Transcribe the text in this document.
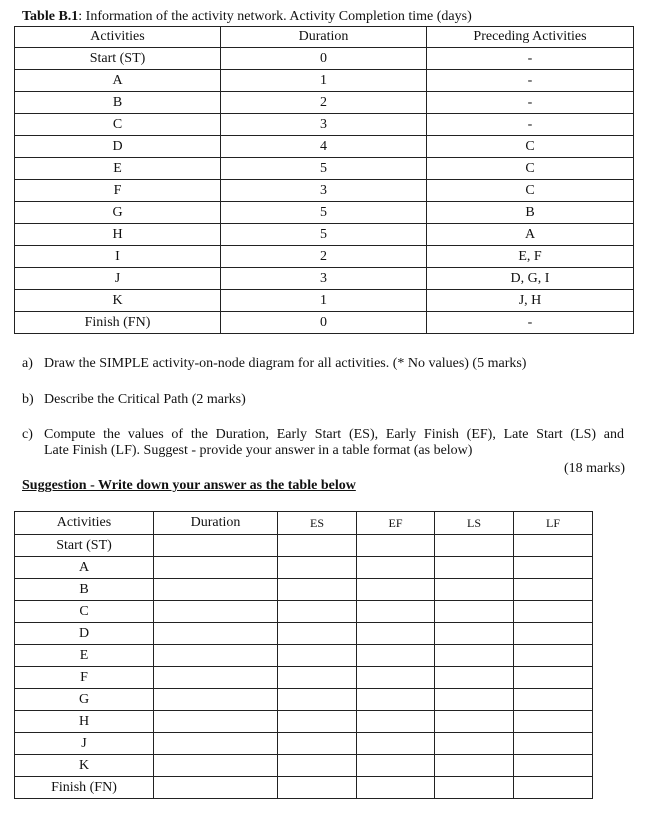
Table B.1: Information of the activity network. Activity Completion time (days)
Activities	Duration	Preceding Activities
Start (ST)	0	-
A	1	-
B	2	-
C	3	-
D	4	C
E	5	C
F	3	C
G	5	B
H	5	A
I	2	E, F
J	3	D, G, I
K	1	J, H
Finish (FN)	0	-
a) Draw the SIMPLE activity-on-node diagram for all activities. (* No values) (5 marks)
b) Describe the Critical Path (2 marks)
c) Compute the values of the Duration, Early Start (ES), Early Finish (EF), Late Start (LS) and
Late Finish (LF). Suggest - provide your answer in a table format (as below)
(18 marks)
Suggestion - Write down your answer as the table below
Activities	Duration	ES	EF	LS	LF
Start (ST)					
A					
B					
C					
D					
E					
F					
G					
H					
J					
K					
Finish (FN)					
